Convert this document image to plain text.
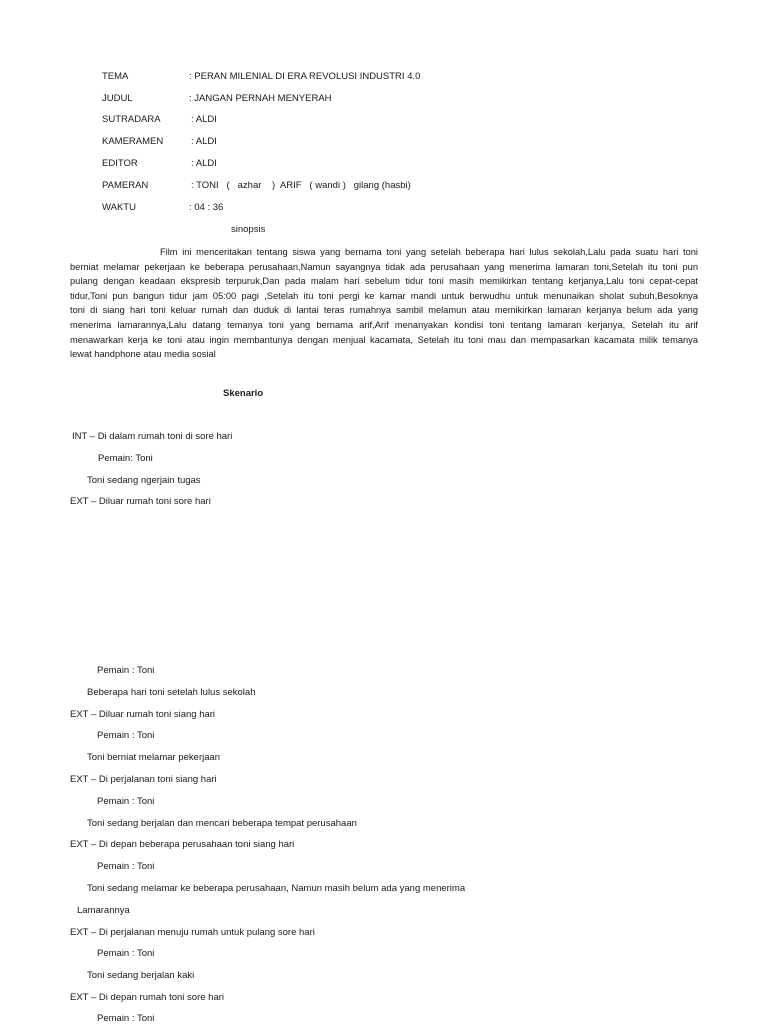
TEMA	: PERAN MILENIAL DI ERA REVOLUSI INDUSTRI 4.0
JUDUL	: JANGAN PERNAH MENYERAH
SUTRADARA	: ALDI
KAMERAMEN	: ALDI
EDITOR	: ALDI
PAMERAN	: TONI   (   azhar    )  ARIF   ( wandi )   gilang (hasbi)
WAKTU	: 04 : 36
sinopsis
Film ini menceritakan tentang siswa yang bernama toni yang setelah beberapa hari lulus sekolah,Lalu pada suatu hari toni
berniat melamar pekerjaan ke beberapa perusahaan,Namun sayangnya tidak ada perusahaan yang menerima lamaran toni,Setelah itu toni pun
pulang dengan keadaan ekspresib terpuruk,Dan pada malam hari sebelum tidur toni masih memikirkan tentang kerjanya,Lalu toni cepat-cepat
tidur,Toni pun bangun tidur jam 05:00 pagi ,Setelah itu toni pergi ke kamar mandi untuk berwudhu untuk menunaikan sholat subuh,Besoknya
toni di siang hari toni keluar rumah dan duduk di lantai teras rumahnya sambil melamun atau memikirkan lamaran kerjanya belum ada yang
menerima lamarannya,Lalu datang temanya toni yang bernama arif,Arif menanyakan kondisi toni tentang lamaran kerjanya, Setelah itu arif
menawarkan kerja ke toni atau ingin membantunya dengan menjual kacamata, Setelah itu toni mau dan mempasarkan kacamata milik temanya
lewat handphone atau media sosial
Skenario
INT – Di dalam rumah toni di sore hari
Pemain: Toni
Toni sedang ngerjain tugas
EXT – Diluar rumah toni sore hari
Pemain : Toni
Beberapa hari toni setelah lulus sekolah
EXT – Diluar rumah toni siang hari
Pemain : Toni
Toni berniat melamar pekerjaan
EXT – Di perjalanan toni siang hari
Pemain : Toni
Toni sedang berjalan dan mencari beberapa tempat perusahaan
EXT – Di depan beberapa perusahaan toni siang hari
Pemain : Toni
Toni sedang melamar ke beberapa perusahaan, Namun masih belum ada yang menerima
Lamarannya
EXT – Di perjalanan menuju rumah untuk pulang sore hari
Pemain : Toni
Toni sedang berjalan kaki
EXT – Di depan rumah toni sore hari
Pemain : Toni
